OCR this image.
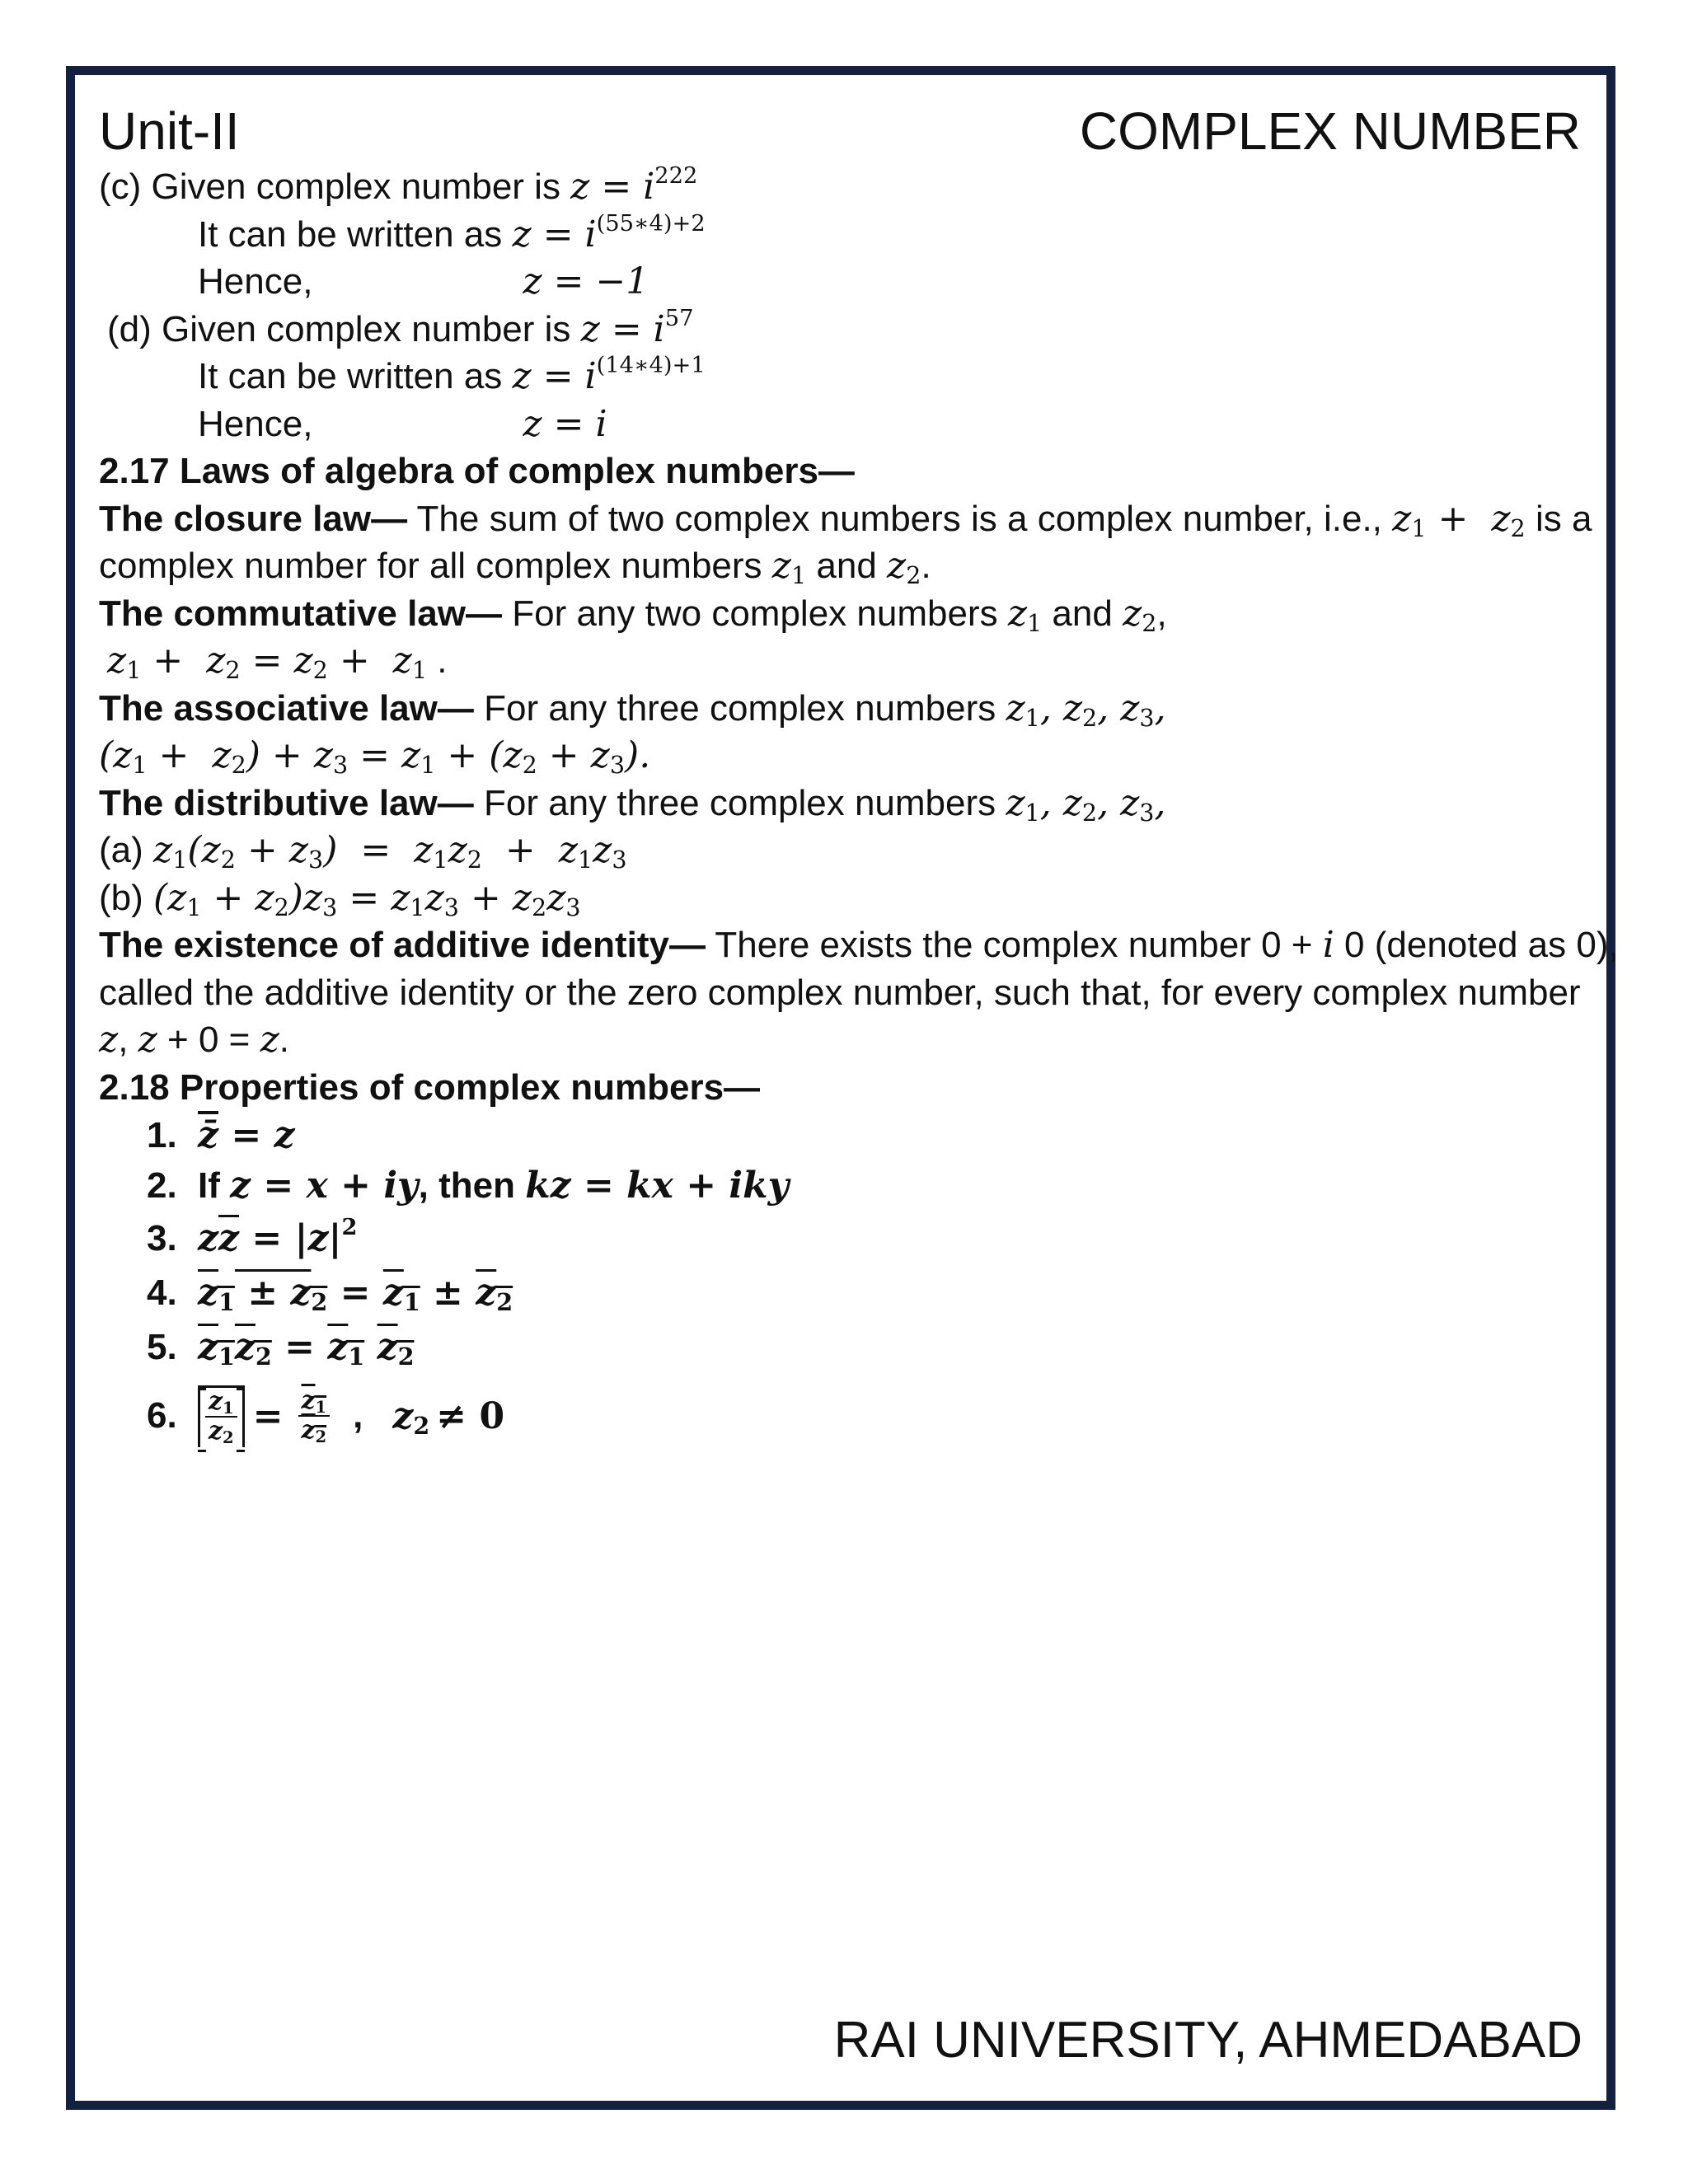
Unit-II	COMPLEX NUMBER
(c) Given complex number is $z = i^{222}$
It can be written as $z = i^{(55∗4)+2}$
Hence,	z = −1
(d) Given complex number is $z = i^{57}$
It can be written as $z = i^{(14∗4)+1}$
Hence,	z = i
2.17 Laws of algebra of complex numbers—
The closure law— The sum of two complex numbers is a complex number, i.e., $z_1 + z_2$ is a
complex number for all complex numbers $z_1$ and $z_2$.
The commutative law— For any two complex numbers $z_1$ and $z_2$,
$z_1 + z_2 = z_2 + z_1$ .
The associative law— For any three complex numbers $z_1$, $z_2$, $z_3$,
$(z_1 + z_2) + z_3 = z_1 + (z_2 + z_3)$.
The distributive law— For any three complex numbers $z_1$, $z_2$, $z_3$,
(a) $z_1(z_2 + z_3) = z_1z_2 + z_1z_3$
(b) $(z_1 + z_2)z_3 = z_1z_3 + z_2z_3$
The existence of additive identity— There exists the complex number 0 + i 0 (denoted as 0),
called the additive identity or the zero complex number, such that, for every complex number
z, z + 0 = z.
2.18 Properties of complex numbers—
1. z̄ = z
2. If z = x + iy, then kz = kx + iky
3. $z\overline{z} = |z|^2$
4. $z_1 \pm z_2 = z_1 \pm z_2$
5. $z_1z_2 = z_1$ $z_2$
6.	$\frac{z_1}{z_2} = \frac{z_1}{z_2}$ , $z_2 \ne 0$
RAI UNIVERSITY, AHMEDABAD
